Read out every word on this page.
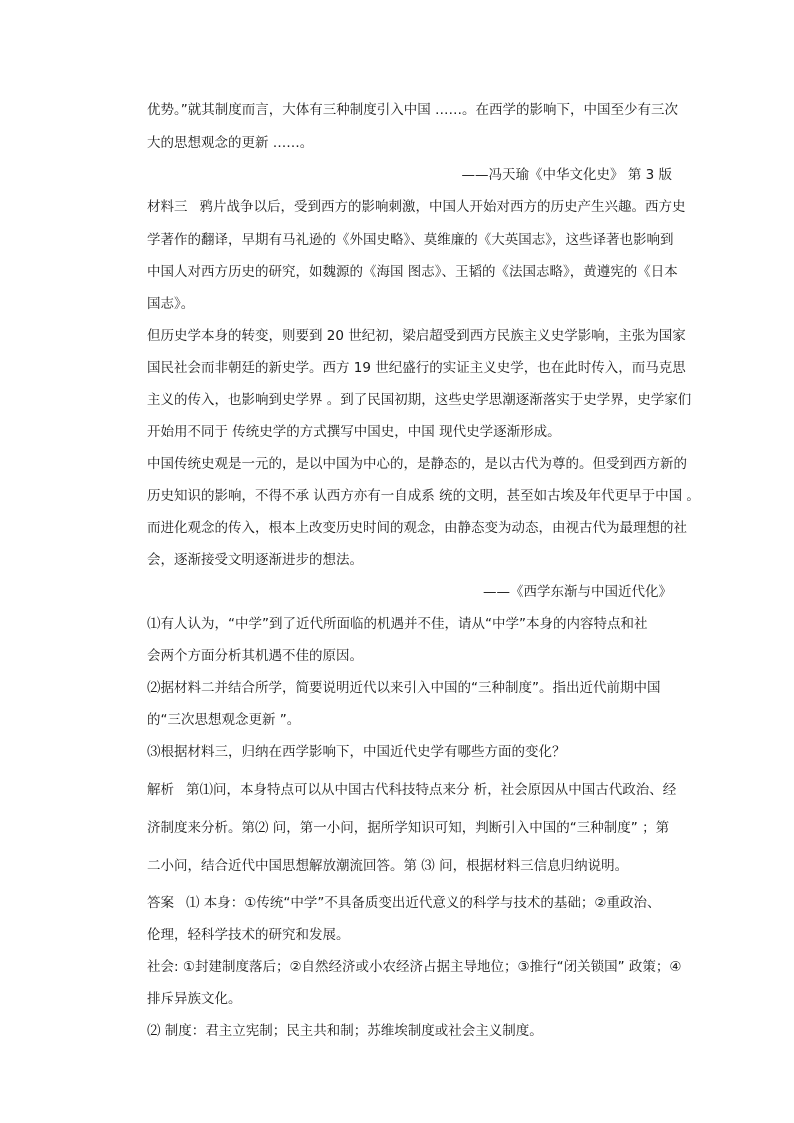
优势。”就其制度而言，大体有三种制度引入中国 ……。在西学的影响下，中国至少有三次
大的思想观念的更新 ……。
——冯天瑜《中华文化史》 第 3 版
材料三 鸦片战争以后，受到西方的影响刺激，中国人开始对西方的历史产生兴趣。西方史
学著作的翻译，早期有马礼逊的《外国史略》、莫维廉的《大英国志》，这些译著也影响到
中国人对西方历史的研究，如魏源的《海国 图志》、王韬的《法国志略》，黄遵宪的《日本
国志》。
但历史学本身的转变，则要到 20 世纪初，梁启超受到西方民族主义史学影响，主张为国家
国民社会而非朝廷的新史学。西方 19 世纪盛行的实证主义史学，也在此时传入，而马克思
主义的传入，也影响到史学界 。到了民国初期，这些史学思潮逐渐落实于史学界，史学家们
开始用不同于 传统史学的方式撰写中国史，中国 现代史学逐渐形成。
中国传统史观是一元的，是以中国为中心的，是静态的，是以古代为尊的。但受到西方新的
历史知识的影响，不得不承 认西方亦有一自成系 统的文明，甚至如古埃及年代更早于中国 。
而进化观念的传入，根本上改变历史时间的观念，由静态变为动态，由视古代为最理想的社
会，逐渐接受文明逐渐进步的想法。
——《西学东渐与中国近代化》
⑴有人认为，“中学”到了近代所面临的机遇并不佳，请从“中学”本身的内容特点和社
会两个方面分析其机遇不佳的原因。
⑵据材料二并结合所学，简要说明近代以来引入中国的“三种制度”。指出近代前期中国
的“三次思想观念更新 ”。
⑶根据材料三，归纳在西学影响下，中国近代史学有哪些方面的变化？
解析 第⑴问，本身特点可以从中国古代科技特点来分 析，社会原因从中国古代政治、经
济制度来分析。第⑵ 问，第一小问，据所学知识可知，判断引入中国的“三种制度” ；第
二小问，结合近代中国思想解放潮流回答。第 ⑶ 问，根据材料三信息归纳说明。
答案 ⑴ 本身：①传统“中学”不具备质变出近代意义的科学与技术的基础；②重政治、
伦理，轻科学技术的研究和发展。
社会: ①封建制度落后；②自然经济或小农经济占据主导地位；③推行“闭关锁国” 政策；④
排斥异族文化。
⑵ 制度：君主立宪制；民主共和制；苏维埃制度或社会主义制度。
